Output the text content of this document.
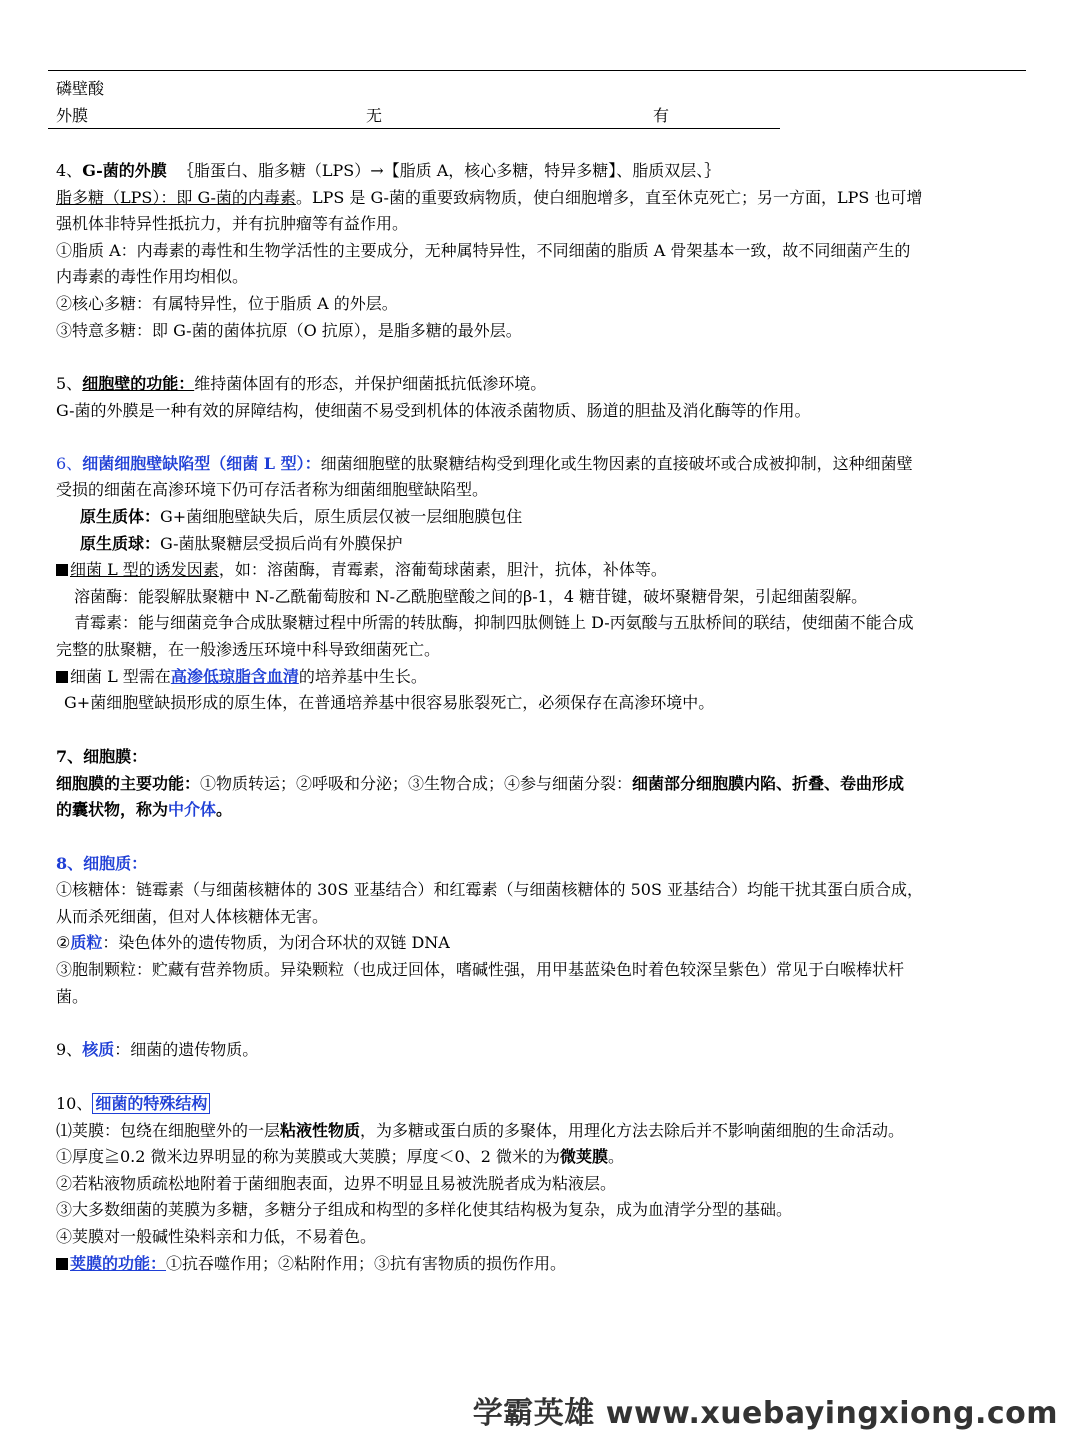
磷壁酸
外膜	无	有
4、G-菌的外膜 ｛脂蛋白、脂多糖（LPS）→【脂质 A，核心多糖，特异多糖】、脂质双层、｝
脂多糖（LPS）：即 G-菌的内毒素。LPS 是 G-菌的重要致病物质，使白细胞增多，直至休克死亡；另一方面，LPS 也可增
强机体非特异性抵抗力，并有抗肿瘤等有益作用。
①脂质 A：内毒素的毒性和生物学活性的主要成分，无种属特异性，不同细菌的脂质 A 骨架基本一致，故不同细菌产生的
内毒素的毒性作用均相似。
②核心多糖：有属特异性，位于脂质 A 的外层。
③特意多糖：即 G-菌的菌体抗原（O 抗原），是脂多糖的最外层。
5、细胞壁的功能：维持菌体固有的形态，并保护细菌抵抗低渗环境。
G-菌的外膜是一种有效的屏障结构，使细菌不易受到机体的体液杀菌物质、肠道的胆盐及消化酶等的作用。
6、细菌细胞壁缺陷型（细菌 L 型）：细菌细胞壁的肽聚糖结构受到理化或生物因素的直接破坏或合成被抑制，这种细菌壁
受损的细菌在高渗环境下仍可存活者称为细菌细胞壁缺陷型。
原生质体：G+菌细胞壁缺失后，原生质层仅被一层细胞膜包住
原生质球：G-菌肽聚糖层受损后尚有外膜保护
细菌 L 型的诱发因素，如：溶菌酶，青霉素，溶葡萄球菌素，胆汁，抗体，补体等。
溶菌酶：能裂解肽聚糖中 N-乙酰葡萄胺和 N-乙酰胞壁酸之间的β-1，4 糖苷键，破坏聚糖骨架，引起细菌裂解。
青霉素：能与细菌竞争合成肽聚糖过程中所需的转肽酶，抑制四肽侧链上 D-丙氨酸与五肽桥间的联结，使细菌不能合成
完整的肽聚糖，在一般渗透压环境中科导致细菌死亡。
细菌 L 型需在高渗低琼脂含血清的培养基中生长。
G+菌细胞壁缺损形成的原生体，在普通培养基中很容易胀裂死亡，必须保存在高渗环境中。
7、细胞膜：
细胞膜的主要功能：①物质转运；②呼吸和分泌；③生物合成；④参与细菌分裂：细菌部分细胞膜内陷、折叠、卷曲形成
的囊状物，称为中介体。
8、细胞质：
①核糖体：链霉素（与细菌核糖体的 30S 亚基结合）和红霉素（与细菌核糖体的 50S 亚基结合）均能干扰其蛋白质合成，
从而杀死细菌，但对人体核糖体无害。
②质粒：染色体外的遗传物质，为闭合环状的双链 DNA
③胞制颗粒：贮藏有营养物质。异染颗粒（也成迂回体，嗜碱性强，用甲基蓝染色时着色较深呈紫色）常见于白喉棒状杆
菌。
9、核质：细菌的遗传物质。
10、 细菌的特殊结构
⑴荚膜：包绕在细胞壁外的一层粘液性物质，为多糖或蛋白质的多聚体，用理化方法去除后并不影响菌细胞的生命活动。
①厚度≧0.2 微米边界明显的称为荚膜或大荚膜；厚度＜0、2 微米的为微荚膜。
②若粘液物质疏松地附着于菌细胞表面，边界不明显且易被洗脱者成为粘液层。
③大多数细菌的荚膜为多糖，多糖分子组成和构型的多样化使其结构极为复杂，成为血清学分型的基础。
④荚膜对一般碱性染料亲和力低，不易着色。
荚膜的功能：①抗吞噬作用；②粘附作用；③抗有害物质的损伤作用。
学霸英雄 www.xuebayingxiong.com
